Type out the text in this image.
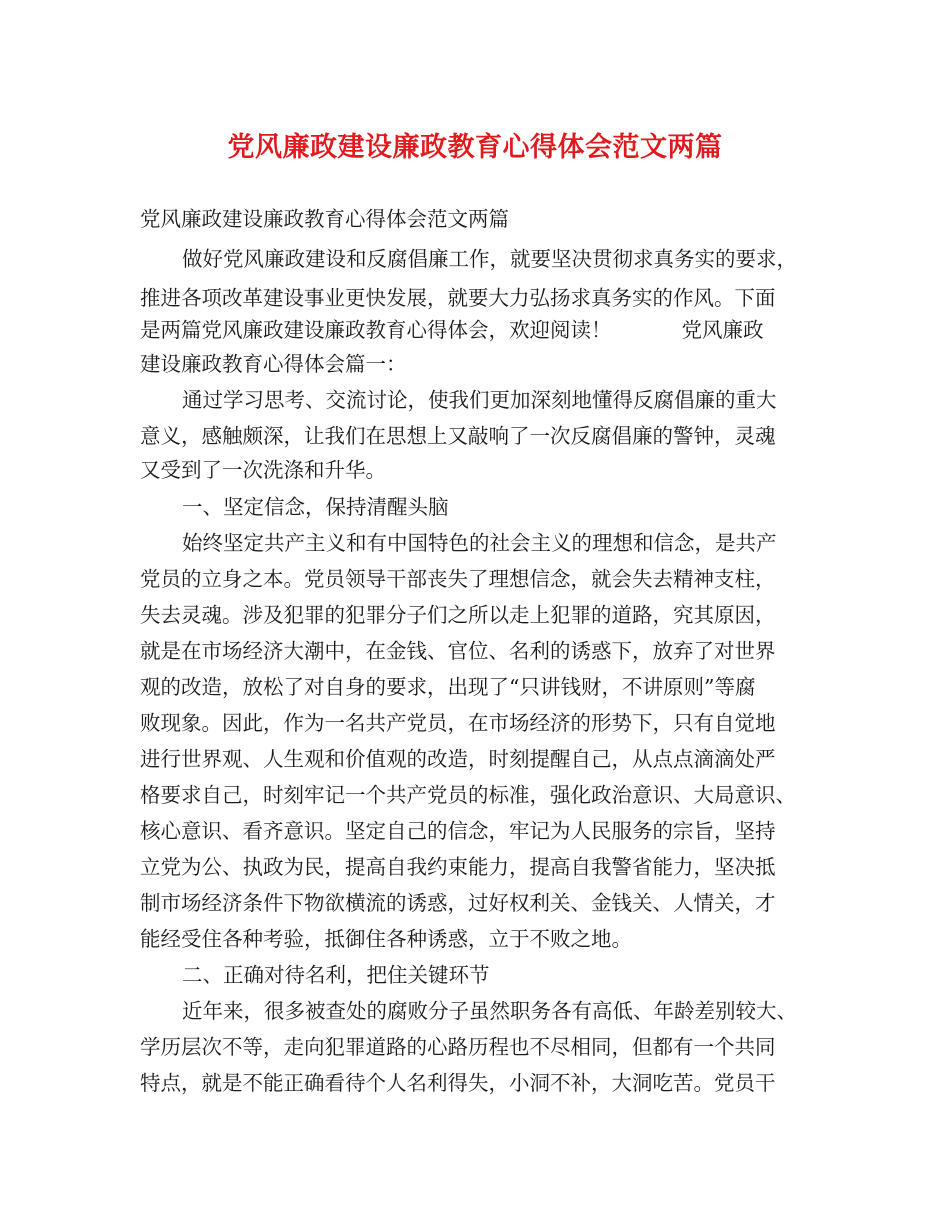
党风廉政建设廉政教育心得体会范文两篇
党风廉政建设廉政教育心得体会范文两篇
做好党风廉政建设和反腐倡廉工作，就要坚决贯彻求真务实的要求，
推进各项改革建设事业更快发展，就要大力弘扬求真务实的作风。下面
是两篇党风廉政建设廉政教育心得体会，欢迎阅读！	党风廉政
建设廉政教育心得体会篇一：
通过学习思考、交流讨论，使我们更加深刻地懂得反腐倡廉的重大
意义，感触颇深，让我们在思想上又敲响了一次反腐倡廉的警钟，灵魂
又受到了一次洗涤和升华。
一、坚定信念，保持清醒头脑
始终坚定共产主义和有中国特色的社会主义的理想和信念，是共产
党员的立身之本。党员领导干部丧失了理想信念，就会失去精神支柱，
失去灵魂。涉及犯罪的犯罪分子们之所以走上犯罪的道路，究其原因，
就是在市场经济大潮中，在金钱、官位、名利的诱惑下，放弃了对世界
观的改造，放松了对自身的要求，出现了“只讲钱财，不讲原则”等腐
败现象。因此，作为一名共产党员，在市场经济的形势下，只有自觉地
进行世界观、人生观和价值观的改造，时刻提醒自己，从点点滴滴处严
格要求自己，时刻牢记一个共产党员的标准，强化政治意识、大局意识、
核心意识、看齐意识。坚定自己的信念，牢记为人民服务的宗旨，坚持
立党为公、执政为民，提高自我约束能力，提高自我警省能力，坚决抵
制市场经济条件下物欲横流的诱惑，过好权利关、金钱关、人情关，才
能经受住各种考验，抵御住各种诱惑，立于不败之地。
二、正确对待名利，把住关键环节
近年来，很多被查处的腐败分子虽然职务各有高低、年龄差别较大、
学历层次不等，走向犯罪道路的心路历程也不尽相同，但都有一个共同
特点，就是不能正确看待个人名利得失，小洞不补，大洞吃苦。党员干
